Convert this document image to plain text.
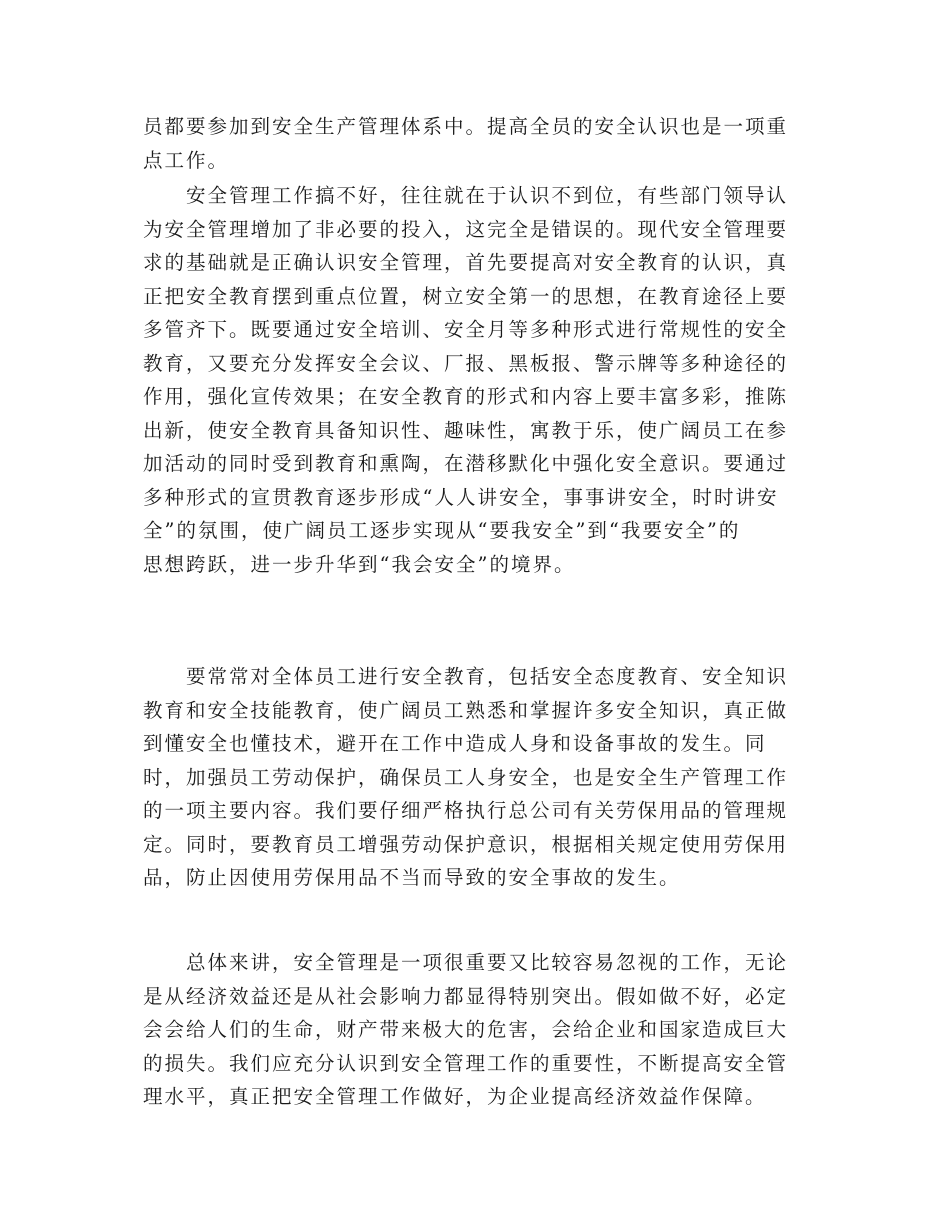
员都要参加到安全生产管理体系中。提高全员的安全认识也是一项重
点工作。
　　安全管理工作搞不好，往往就在于认识不到位，有些部门领导认
为安全管理增加了非必要的投入，这完全是错误的。现代安全管理要
求的基础就是正确认识安全管理，首先要提高对安全教育的认识，真
正把安全教育摆到重点位置，树立安全第一的思想，在教育途径上要
多管齐下。既要通过安全培训、安全月等多种形式进行常规性的安全
教育，又要充分发挥安全会议、厂报、黑板报、警示牌等多种途径的
作用，强化宣传效果；在安全教育的形式和内容上要丰富多彩，推陈
出新，使安全教育具备知识性、趣味性，寓教于乐，使广阔员工在参
加活动的同时受到教育和熏陶，在潜移默化中强化安全意识。要通过
多种形式的宣贯教育逐步形成“人人讲安全，事事讲安全，时时讲安
全”的氛围，使广阔员工逐步实现从“要我安全”到“我要安全”的
思想跨跃，进一步升华到“我会安全”的境界。
　　要常常对全体员工进行安全教育，包括安全态度教育、安全知识
教育和安全技能教育，使广阔员工熟悉和掌握许多安全知识，真正做
到懂安全也懂技术，避开在工作中造成人身和设备事故的发生。同
时，加强员工劳动保护，确保员工人身安全，也是安全生产管理工作
的一项主要内容。我们要仔细严格执行总公司有关劳保用品的管理规
定。同时，要教育员工增强劳动保护意识，根据相关规定使用劳保用
品，防止因使用劳保用品不当而导致的安全事故的发生。
　　总体来讲，安全管理是一项很重要又比较容易忽视的工作，无论
是从经济效益还是从社会影响力都显得特别突出。假如做不好，必定
会会给人们的生命，财产带来极大的危害，会给企业和国家造成巨大
的损失。我们应充分认识到安全管理工作的重要性，不断提高安全管
理水平，真正把安全管理工作做好，为企业提高经济效益作保障。
